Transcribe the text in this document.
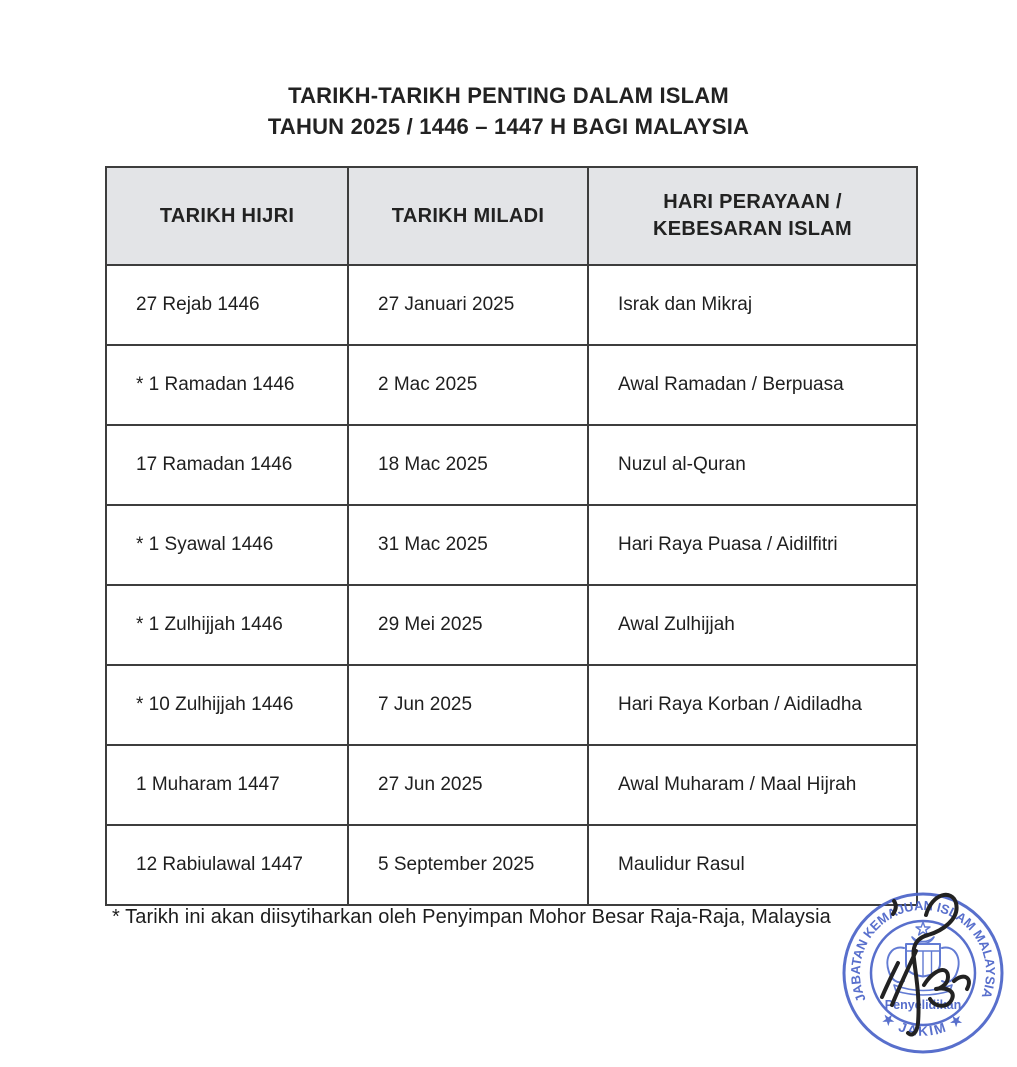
TARIKH-TARIKH PENTING DALAM ISLAM
TAHUN 2025 / 1446 – 1447 H BAGI MALAYSIA
TARIKH HIJRI	TARIKH MILADI	HARI PERAYAAN / KEBESARAN ISLAM
27 Rejab 1446	27 Januari 2025	Israk dan Mikraj
* 1 Ramadan 1446	2 Mac 2025	Awal Ramadan / Berpuasa
17 Ramadan 1446	18 Mac 2025	Nuzul al-Quran
* 1 Syawal 1446	31 Mac 2025	Hari Raya Puasa / Aidilfitri
* 1 Zulhijjah 1446	29 Mei 2025	Awal Zulhijjah
* 10 Zulhijjah 1446	7 Jun 2025	Hari Raya Korban / Aidiladha
1 Muharam 1447	27 Jun 2025	Awal Muharam / Maal Hijrah
12 Rabiulawal 1447	5 September 2025	Maulidur Rasul
* Tarikh ini akan diisytiharkan oleh Penyimpan Mohor Besar Raja-Raja, Malaysia
JABATAN KEMAJUAN ISLAM MALAYSIA
★ JAKIM ★
Penyelidikan
